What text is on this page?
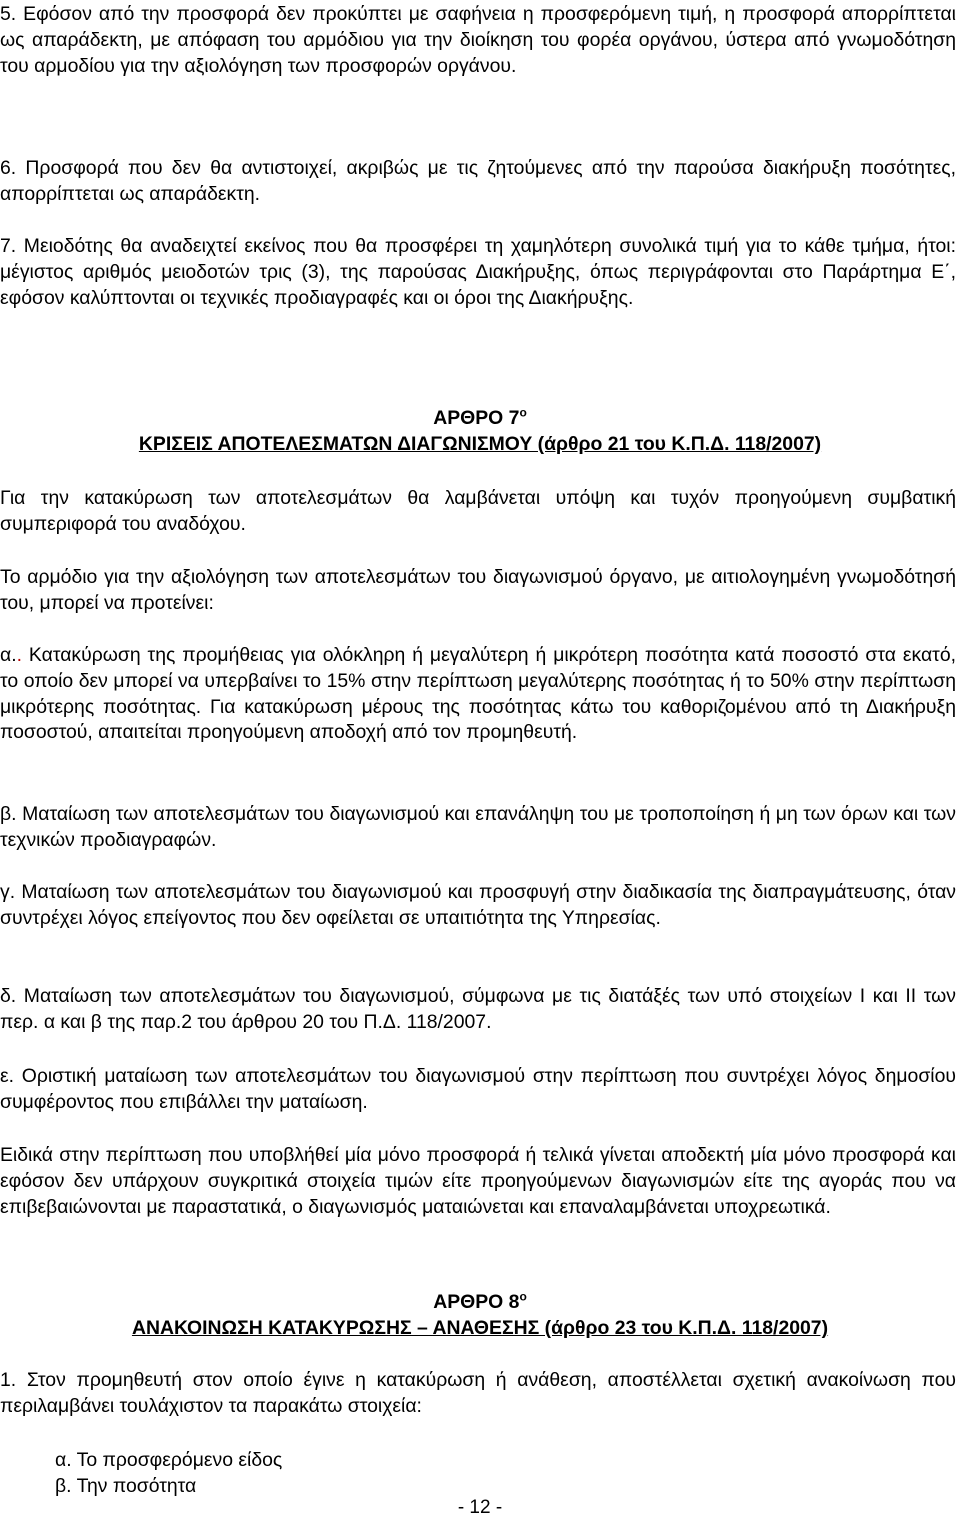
5. Εφόσον από την προσφορά δεν προκύπτει με σαφήνεια η προσφερόμενη τιμή, η προσφορά απορρίπτεται ως απαράδεκτη, με απόφαση του αρμόδιου για την διοίκηση του φορέα οργάνου, ύστερα από γνωμοδότηση του αρμοδίου για την αξιολόγηση των προσφορών οργάνου.

6. Προσφορά που δεν θα αντιστοιχεί, ακριβώς με τις ζητούμενες από την παρούσα διακήρυξη ποσότητες, απορρίπτεται ως απαράδεκτη.

7. Μειοδότης θα αναδειχτεί εκείνος που θα προσφέρει τη χαμηλότερη συνολικά τιμή για το κάθε τμήμα, ήτοι: μέγιστος αριθμός μειοδοτών τρις (3), της παρούσας Διακήρυξης, όπως περιγράφονται στο Παράρτημα Ε΄, εφόσον καλύπτονται οι τεχνικές προδιαγραφές και οι όροι της Διακήρυξης.

ΑΡΘΡΟ $7^o$
ΚΡΙΣΕΙΣ ΑΠΟΤΕΛΕΣΜΑΤΩΝ ΔΙΑΓΩΝΙΣΜΟΥ (άρθρο 21 του Κ.Π.Δ. 118/2007)

Για την κατακύρωση των αποτελεσμάτων θα λαμβάνεται υπόψη και τυχόν προηγούμενη συμβατική συμπεριφορά του αναδόχου.

Το αρμόδιο για την αξιολόγηση των αποτελεσμάτων του διαγωνισμού όργανο, με αιτιολογημένη γνωμοδότησή του, μπορεί να προτείνει:

α.. Κατακύρωση της προμήθειας για ολόκληρη ή μεγαλύτερη ή μικρότερη ποσότητα κατά ποσοστό στα εκατό, το οποίο δεν μπορεί να υπερβαίνει το 15% στην περίπτωση μεγαλύτερης ποσότητας ή το 50% στην περίπτωση μικρότερης ποσότητας. Για κατακύρωση μέρους της ποσότητας κάτω του καθοριζομένου από τη Διακήρυξη ποσοστού, απαιτείται προηγούμενη αποδοχή από τον προμηθευτή.

β. Ματαίωση των αποτελεσμάτων του διαγωνισμού και επανάληψη του με τροποποίηση ή μη των όρων και των τεχνικών προδιαγραφών.

γ. Ματαίωση των αποτελεσμάτων του διαγωνισμού και προσφυγή στην διαδικασία της διαπραγμάτευσης, όταν συντρέχει λόγος επείγοντος που δεν οφείλεται σε υπαιτιότητα της Υπηρεσίας.

δ. Ματαίωση των αποτελεσμάτων του διαγωνισμού, σύμφωνα με τις διατάξές των υπό στοιχείων Ι και ΙΙ των περ. α και β της παρ.2 του άρθρου 20 του Π.Δ. 118/2007.

ε. Οριστική ματαίωση των αποτελεσμάτων του διαγωνισμού στην περίπτωση που συντρέχει λόγος δημοσίου συμφέροντος που επιβάλλει την ματαίωση.

Ειδικά στην περίπτωση που υποβλήθεί μία μόνο προσφορά ή τελικά γίνεται αποδεκτή μία μόνο προσφορά και εφόσον δεν υπάρχουν συγκριτικά στοιχεία τιμών είτε προηγούμενων διαγωνισμών είτε της αγοράς που να επιβεβαιώνονται με παραστατικά, ο διαγωνισμός ματαιώνεται και επαναλαμβάνεται υποχρεωτικά.

ΑΡΘΡΟ $8^o$
ΑΝΑΚΟΙΝΩΣΗ ΚΑΤΑΚΥΡΩΣΗΣ – ΑΝΑΘΕΣΗΣ (άρθρο 23 του Κ.Π.Δ. 118/2007)

1. Στον προμηθευτή στον οποίο έγινε η κατακύρωση ή ανάθεση, αποστέλλεται σχετική ανακοίνωση που περιλαμβάνει τουλάχιστον τα παρακάτω στοιχεία:

α. Το προσφερόμενο είδος
β. Την ποσότητα
- 12 -
